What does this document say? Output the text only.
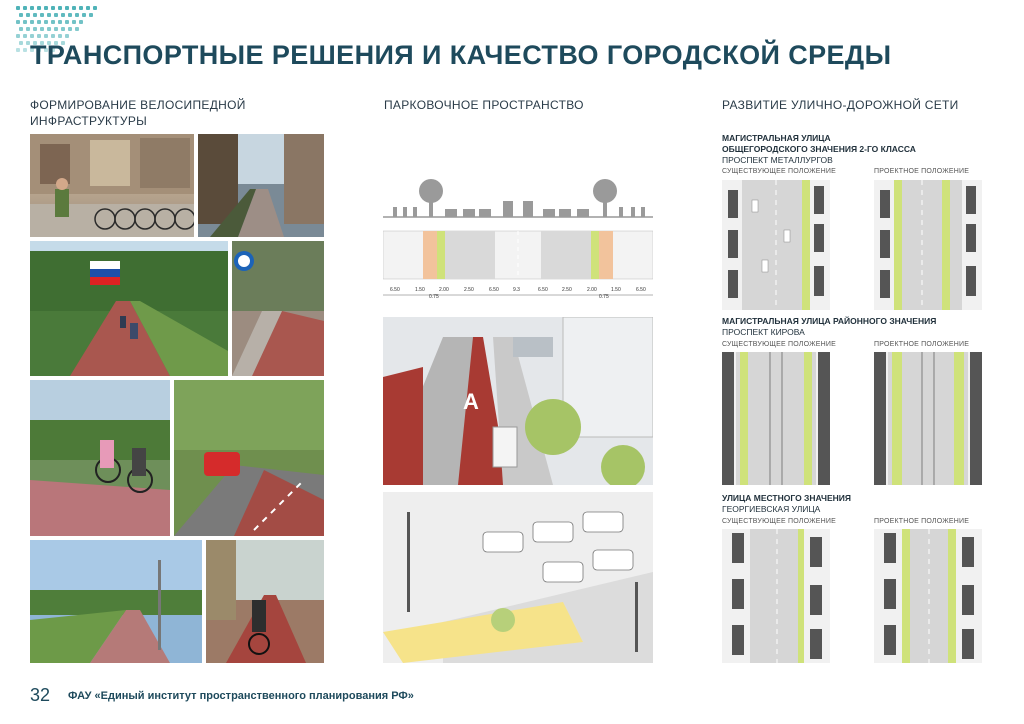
ТРАНСПОРТНЫЕ РЕШЕНИЯ И КАЧЕСТВО ГОРОДСКОЙ СРЕДЫ
ФОРМИРОВАНИЕ ВЕЛОСИПЕДНОЙ
ИНФРАСТРУКТУРЫ
ПАРКОВОЧНОЕ ПРОСТРАНСТВО	РАЗВИТИЕ УЛИЧНО-ДОРОЖНОЙ СЕТИ
6.50	1.50	2.00	2.50	6.50	9.3	6.50	2.50	2.00	1.50	6.50
0.75	0.75
A
МАГИСТРАЛЬНАЯ УЛИЦА
ОБЩЕГОРОДСКОГО ЗНАЧЕНИЯ 2-ГО КЛАССА
ПРОСПЕКТ МЕТАЛЛУРГОВ
СУЩЕСТВУЮЩЕЕ ПОЛОЖЕНИЕ	ПРОЕКТНОЕ ПОЛОЖЕНИЕ
МАГИСТРАЛЬНАЯ УЛИЦА РАЙОННОГО ЗНАЧЕНИЯ
ПРОСПЕКТ КИРОВА
СУЩЕСТВУЮЩЕЕ ПОЛОЖЕНИЕ	ПРОЕКТНОЕ ПОЛОЖЕНИЕ
УЛИЦА МЕСТНОГО ЗНАЧЕНИЯ
ГЕОРГИЕВСКАЯ УЛИЦА
СУЩЕСТВУЮЩЕЕ ПОЛОЖЕНИЕ	ПРОЕКТНОЕ ПОЛОЖЕНИЕ
32 ФАУ «Единый институт пространственного планирования РФ»
